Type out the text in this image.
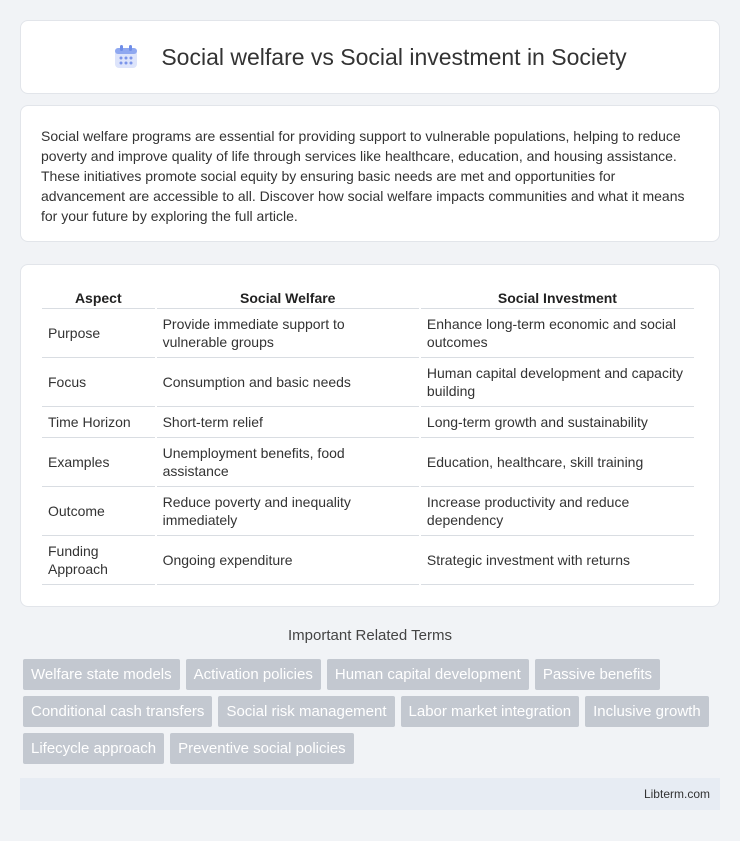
Social welfare vs Social investment in Society

Social welfare programs are essential for providing support to vulnerable populations, helping to reduce poverty and improve quality of life through services like healthcare, education, and housing assistance. These initiatives promote social equity by ensuring basic needs are met and opportunities for advancement are accessible to all. Discover how social welfare impacts communities and what it means for your future by exploring the full article.

Aspect	Social Welfare	Social Investment
Purpose	Provide immediate support to vulnerable groups	Enhance long-term economic and social outcomes
Focus	Consumption and basic needs	Human capital development and capacity building
Time Horizon	Short-term relief	Long-term growth and sustainability
Examples	Unemployment benefits, food assistance	Education, healthcare, skill training
Outcome	Reduce poverty and inequality immediately	Increase productivity and reduce dependency
Funding Approach	Ongoing expenditure	Strategic investment with returns
Important Related Terms
Welfare state models	Activation policies	Human capital development	Passive benefits
Conditional cash transfers	Social risk management	Labor market integration	Inclusive growth
Lifecycle approach	Preventive social policies
Libterm.com
